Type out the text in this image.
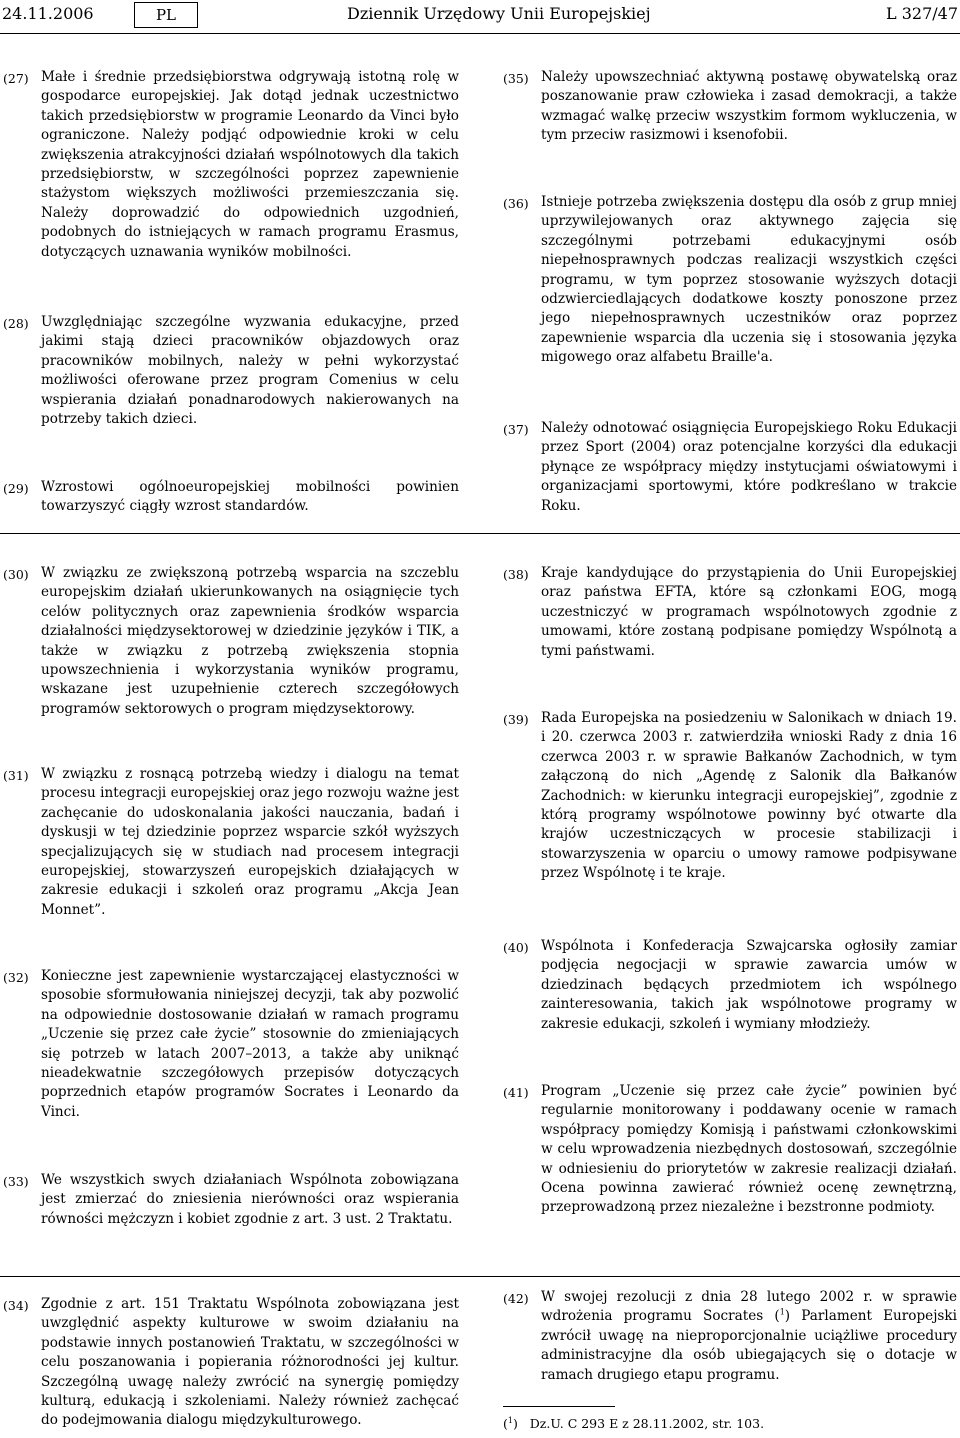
24.11.2006	PL	Dziennik Urzędowy Unii Europejskiej	L 327/47
(27) Małe i średnie przedsiębiorstwa odgrywają istotną rolę w gospodarce europejskiej. Jak dotąd jednak uczestnictwo takich przedsiębiorstw w programie Leonardo da Vinci było ograniczone. Należy podjąć odpowiednie kroki w celu zwiększenia atrakcyjności działań wspólnotowych dla takich przedsiębiorstw, w szczególności poprzez zapewnienie stażystom większych możliwości przemieszczania się. Należy doprowadzić do odpowiednich uzgodnień, podobnych do istniejących w ramach programu Erasmus, dotyczących uznawania wyników mobilności.
(28) Uwzględniając szczególne wyzwania edukacyjne, przed jakimi stają dzieci pracowników objazdowych oraz pracowników mobilnych, należy w pełni wykorzystać możliwości oferowane przez program Comenius w celu wspierania działań ponadnarodowych nakierowanych na potrzeby takich dzieci.
(29) Wzrostowi ogólnoeuropejskiej mobilności powinien towarzyszyć ciągły wzrost standardów.
(30) W związku ze zwiększoną potrzebą wsparcia na szczeblu europejskim działań ukierunkowanych na osiągnięcie tych celów politycznych oraz zapewnienia środków wsparcia działalności międzysektorowej w dziedzinie języków i TIK, a także w związku z potrzebą zwiększenia stopnia upowszechnienia i wykorzystania wyników programu, wskazane jest uzupełnienie czterech szczegółowych programów sektorowych o program międzysektorowy.
(31) W związku z rosnącą potrzebą wiedzy i dialogu na temat procesu integracji europejskiej oraz jego rozwoju ważne jest zachęcanie do udoskonalania jakości nauczania, badań i dyskusji w tej dziedzinie poprzez wsparcie szkół wyższych specjalizujących się w studiach nad procesem integracji europejskiej, stowarzyszeń europejskich działających w zakresie edukacji i szkoleń oraz programu „Akcja Jean Monnet”.
(32) Konieczne jest zapewnienie wystarczającej elastyczności w sposobie sformułowania niniejszej decyzji, tak aby pozwolić na odpowiednie dostosowanie działań w ramach programu „Uczenie się przez całe życie” stosownie do zmieniających się potrzeb w latach 2007–2013, a także aby uniknąć nieadekwatnie szczegółowych przepisów dotyczących poprzednich etapów programów Socrates i Leonardo da Vinci.
(33) We wszystkich swych działaniach Wspólnota zobowiązana jest zmierzać do zniesienia nierówności oraz wspierania równości mężczyzn i kobiet zgodnie z art. 3 ust. 2 Traktatu.
(34) Zgodnie z art. 151 Traktatu Wspólnota zobowiązana jest uwzględnić aspekty kulturowe w swoim działaniu na podstawie innych postanowień Traktatu, w szczególności w celu poszanowania i popierania różnorodności jej kultur. Szczególną uwagę należy zwrócić na synergię pomiędzy kulturą, edukacją i szkoleniami. Należy również zachęcać do podejmowania dialogu międzykulturowego.
(35) Należy upowszechniać aktywną postawę obywatelską oraz poszanowanie praw człowieka i zasad demokracji, a także wzmagać walkę przeciw wszystkim formom wykluczenia, w tym przeciw rasizmowi i ksenofobii.
(36) Istnieje potrzeba zwiększenia dostępu dla osób z grup mniej uprzywilejowanych oraz aktywnego zajęcia się szczególnymi potrzebami edukacyjnymi osób niepełnosprawnych podczas realizacji wszystkich części programu, w tym poprzez stosowanie wyższych dotacji odzwierciedlających dodatkowe koszty ponoszone przez jego niepełnosprawnych uczestników oraz poprzez zapewnienie wsparcia dla uczenia się i stosowania języka migowego oraz alfabetu Braille'a.
(37) Należy odnotować osiągnięcia Europejskiego Roku Edukacji przez Sport (2004) oraz potencjalne korzyści dla edukacji płynące ze współpracy między instytucjami oświatowymi i organizacjami sportowymi, które podkreślano w trakcie Roku.
(38) Kraje kandydujące do przystąpienia do Unii Europejskiej oraz państwa EFTA, które są członkami EOG, mogą uczestniczyć w programach wspólnotowych zgodnie z umowami, które zostaną podpisane pomiędzy Wspólnotą a tymi państwami.
(39) Rada Europejska na posiedzeniu w Salonikach w dniach 19. i 20. czerwca 2003 r. zatwierdziła wnioski Rady z dnia 16 czerwca 2003 r. w sprawie Bałkanów Zachodnich, w tym załączoną do nich „Agendę z Salonik dla Bałkanów Zachodnich: w kierunku integracji europejskiej”, zgodnie z którą programy wspólnotowe powinny być otwarte dla krajów uczestniczących w procesie stabilizacji i stowarzyszenia w oparciu o umowy ramowe podpisywane przez Wspólnotę i te kraje.
(40) Wspólnota i Konfederacja Szwajcarska ogłosiły zamiar podjęcia negocjacji w sprawie zawarcia umów w dziedzinach będących przedmiotem ich wspólnego zainteresowania, takich jak wspólnotowe programy w zakresie edukacji, szkoleń i wymiany młodzieży.
(41) Program „Uczenie się przez całe życie” powinien być regularnie monitorowany i poddawany ocenie w ramach współpracy pomiędzy Komisją i państwami członkowskimi w celu wprowadzenia niezbędnych dostosowań, szczególnie w odniesieniu do priorytetów w zakresie realizacji działań. Ocena powinna zawierać również ocenę zewnętrzną, przeprowadzoną przez niezależne i bezstronne podmioty.
(42) W swojej rezolucji z dnia 28 lutego 2002 r. w sprawie wdrożenia programu Socrates ($^1$) Parlament Europejski zwrócił uwagę na nieproporcjonalnie uciążliwe procedury administracyjne dla osób ubiegających się o dotacje w ramach drugiego etapu programu.
($^1$)   Dz.U. C 293 E z 28.11.2002, str. 103.
